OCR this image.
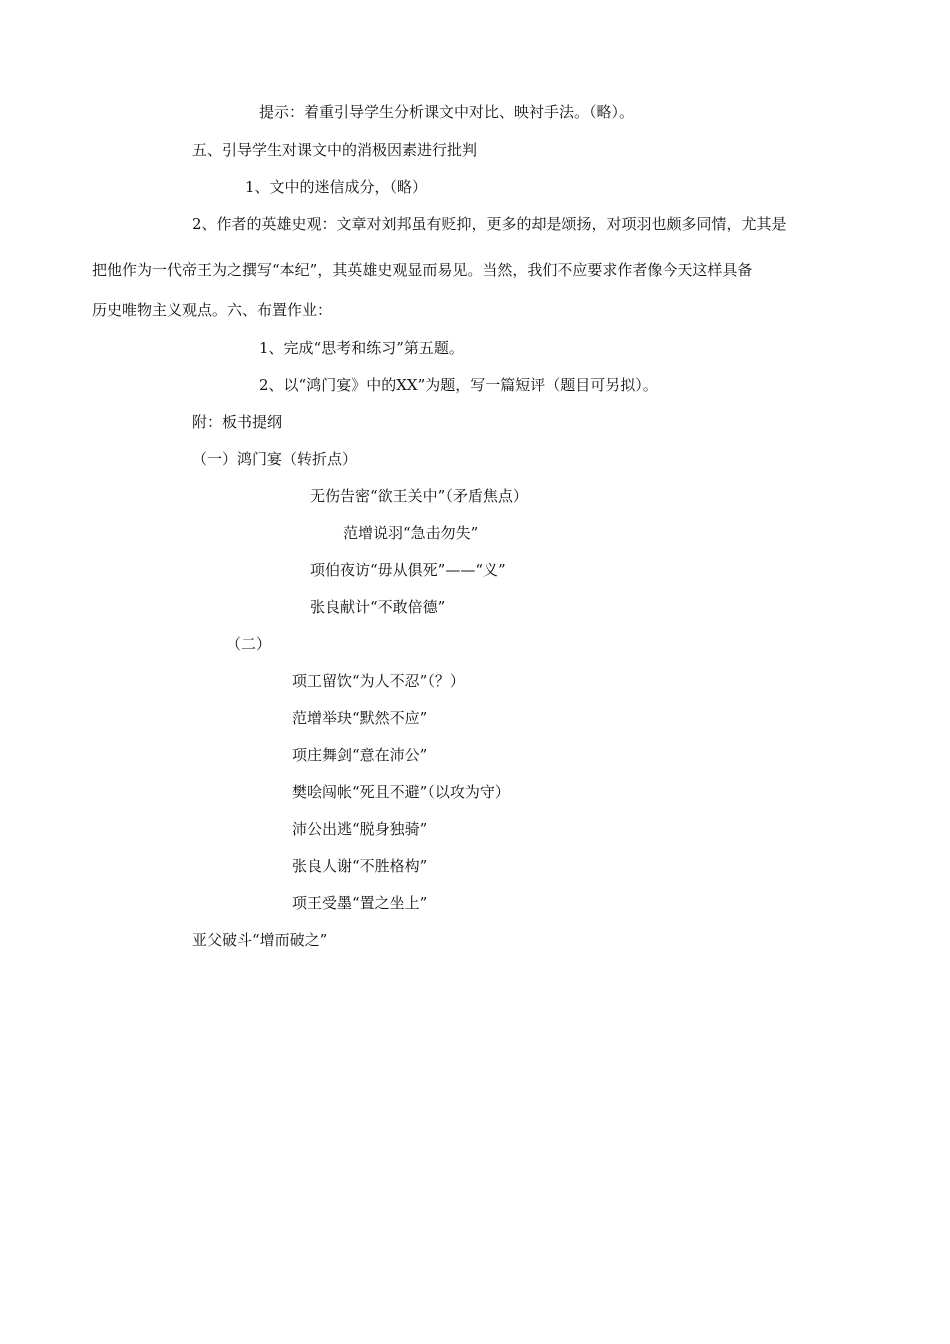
提示：着重引导学生分析课文中对比、映衬手法。（略）。
五、引导学生对课文中的消极因素进行批判
1、文中的迷信成分，（略）
2、作者的英雄史观：文章对刘邦虽有贬抑，更多的却是颂扬，对项羽也颇多同情，尤其是
把他作为一代帝王为之撰写“本纪”，其英雄史观显而易见。当然，我们不应要求作者像今天这样具备
历史唯物主义观点。六、布置作业：
1、完成“思考和练习”第五题。
2、以“鸿门宴》中的XX”为题，写一篇短评（题目可另拟）。
附：板书提纲
（一）鸿门宴（转折点）
无伤告密“欲王关中”（矛盾焦点）
范增说羽“急击勿失”
项伯夜访“毋从俱死”——“义”
张良献计“不敢倍德”
（二）
项工留饮“为人不忍”（？）
范增举玦“默然不应”
项庄舞剑“意在沛公”
樊哙闯帐“死且不避”（以攻为守）
沛公出逃“脱身独骑”
张良人谢“不胜格构”
项王受墨“置之坐上”
亚父破斗“增而破之”
